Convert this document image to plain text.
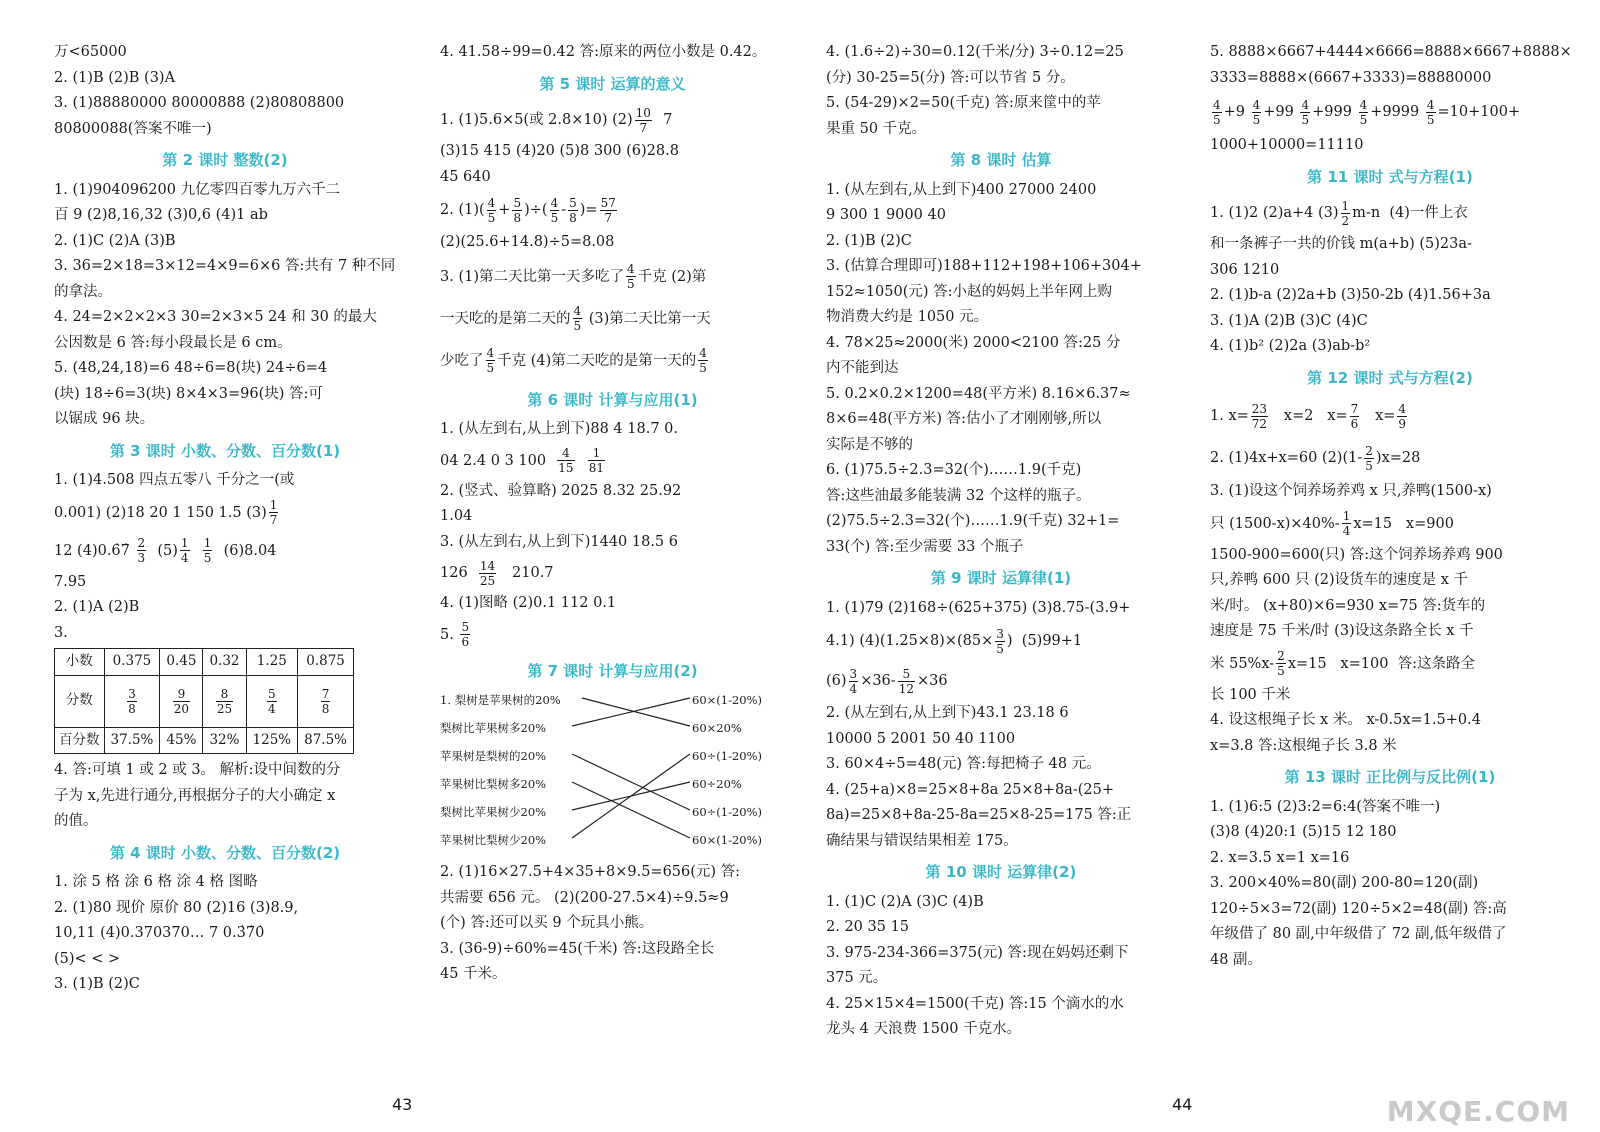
万<65000
2. (1)B (2)B (3)A
3. (1)88880000 80000888 (2)80808800
80800088(答案不唯一)
第 2 课时 整数(2)
1. (1)904096200 九亿零四百零九万六千二
百 9 (2)8,16,32 (3)0,6 (4)1 ab
2. (1)C (2)A (3)B
3. 36=2×18=3×12=4×9=6×6 答:共有 7 种不同
的拿法。
4. 24=2×2×2×3 30=2×3×5 24 和 30 的最大
公因数是 6 答:每小段最长是 6 cm。
5. (48,24,18)=6 48÷6=8(块) 24÷6=4
(块) 18÷6=3(块) 8×4×3=96(块) 答:可
以锯成 96 块。
第 3 课时 小数、分数、百分数(1)
1. (1)4.508 四点五零八 千分之一(或
0.001) (2)18 20 1 150 1.5 $(3) \frac{1}{7}$
12 (4)0.6̇7̇ $\frac{2}{3} (5) \frac{1}{4}$
$\frac{1}{5} (6)8.04$
7.95
2. (1)A (2)B
3.
小数	0.375	0.45	0.32	1.25	0.875
分数	$\frac{3}{8}$	$\frac{9}{20}$	$\frac{8}{25}$	$\frac{5}{4}$	$\frac{7}{8}$

百分数	37.5%	45%	32%	125%	87.5%
4. 答:可填 1 或 2 或 3。 解析:设中间数的分
子为 x,先进行通分,再根据分子的大小确定 x
的值。
第 4 课时 小数、分数、百分数(2)
1. 涂 5 格 涂 6 格 涂 4 格 图略
2. (1)80 现价 原价 80 (2)16 (3)8.9,
10,11 (4)0.370370… 7 0.3̇7̇0̇
(5)< < >
3. (1)B (2)C
43
4. 41.58÷99=0.42 答:原来的两位小数是 0.42。
第 5 课时 运算的意义
1. (1)5.6×5(或 2.8×10) $(2) \frac{10}{7} 7$
(3)15 415 (4)20 (5)8 300 (6)28.8
45 640
2. $(1)( \frac{4}{5} + \frac{5}{8}$ )÷( $\frac{4}{5} - \frac{5}{8}$ )= $\frac{57}{7}$
(2)(25.6+14.8)÷5=8.08
3. (1)第二天比第一天多吃了 $\frac{4}{5}$ 千克 (2)第
一天吃的是第二天的 $\frac{4}{5} (3)$第二天比第一天
少吃了 $\frac{4}{5}$ 千克 (4)第二天吃的是第一天的 $\frac{4}{5}$
第 6 课时 计算与应用(1)
1. (从左到右,从上到下)88 4 18.7 0.
04 2.4 0 3 $100 \frac{4}{15}$
$\frac{1}{81}$
2. (竖式、验算略) 2025 8.32 25.92
1.04
3. (从左到右,从上到下)1440 18.5 6
$126 \frac{14}{25} 210.7$
4. (1)图略 (2)0.1 112 0.1
5. $\frac{5}{6}$
第 7 课时 计算与应用(2)
1. 梨树是苹果树的20%
梨树比苹果树多20%
苹果树是梨树的20%
苹果树比梨树多20%
梨树比苹果树少20%
苹果树比梨树少20%
60×(1-20%)
60×20%
60÷(1-20%)
60÷20%
60÷(1-20%)
60×(1-20%)
2. (1)16×27.5+4×35+8×9.5=656(元) 答:
共需要 656 元。 (2)(200-27.5×4)÷9.5≈9
(个) 答:还可以买 9 个玩具小熊。
3. (36-9)÷60%=45(千米) 答:这段路全长
45 千米。
4. (1.6÷2)÷30=0.12(千米/分) 3÷0.12=25
(分) 30-25=5(分) 答:可以节省 5 分。
5. (54-29)×2=50(千克) 答:原来筐中的苹
果重 50 千克。
第 8 课时 估算
1. (从左到右,从上到下)400 27000 2400
9 300 1 9000 40
2. (1)B (2)C
3. (估算合理即可)188+112+198+106+304+
152≈1050(元) 答:小赵的妈妈上半年网上购
物消费大约是 1050 元。
4. 78×25≈2000(米) 2000<2100 答:25 分
内不能到达
5. 0.2×0.2×1200=48(平方米) 8.16×6.37≈
8×6=48(平方米) 答:估小了才刚刚够,所以
实际是不够的
6. (1)75.5÷2.3=32(个)……1.9(千克)
答:这些油最多能装满 32 个这样的瓶子。
(2)75.5÷2.3=32(个)……1.9(千克) 32+1=
33(个) 答:至少需要 33 个瓶子
第 9 课时 运算律(1)
1. (1)79 (2)168÷(625+375) (3)8.75-(3.9+
4.1) $(4)(1.25\times 8)\times(85\times \frac{3}{5}$ )  (5)99+1
$(6) \frac{3}{4} \times 36- \frac{5}{12} \times 36$
2. (从左到右,从上到下)43.1 23.18 6
10000 5 2001 50 40 1100
3. 60×4÷5=48(元) 答:每把椅子 48 元。
4. (25+a)×8=25×8+8a 25×8+8a-(25+
8a)=25×8+8a-25-8a=25×8-25=175 答:正
确结果与错误结果相差 175。
第 10 课时 运算律(2)
1. (1)C (2)A (3)C (4)B
2. 20 35 15
3. 975-234-366=375(元) 答:现在妈妈还剩下
375 元。
4. 25×15×4=1500(千克) 答:15 个滴水的水
龙头 4 天浪费 1500 千克水。
5. 8888×6667+4444×6666=8888×6667+8888×
3333=8888×(6667+3333)=88880000
$\frac{4}{5} +9 \frac{4}{5} +99 \frac{4}{5} +999 \frac{4}{5} +9999 \frac{4}{5} =10+100+$
1000+10000=11110
第 11 课时 式与方程(1)
1. (1)2 (2)a+4 $(3) \frac{1}{2} m-n$  (4)一件上衣
和一条裤子一共的价钱 m(a+b) (5)23a-
306 1210
2. (1)b-a (2)2a+b (3)50-2b (4)1.56+3a
3. (1)A (2)B (3)C (4)C
4. (1)b² (2)2a (3)ab-b²
第 12 课时 式与方程(2)
1. $x= \frac{23}{72} x=2$   $x= \frac{7}{6} x= \frac{4}{9}$
2. (1)4x+x=60 $(2)(1- \frac{2}{5} )x=28$
3. (1)设这个饲养场养鸡 x 只,养鸭(1500-x)
只 $(1500-x)\times 40\%- \frac{1}{4} x=15$   x=900
1500-900=600(只) 答:这个饲养场养鸡 900
只,养鸭 600 只 (2)设货车的速度是 x 千
米/时。 (x+80)×6=930 x=75 答:货车的
速度是 75 千米/时 (3)设这条路全长 x 千
米 $55\%x- \frac{2}{5} x=15$   x=100  答:这条路全
长 100 千米
4. 设这根绳子长 x 米。 x-0.5x=1.5+0.4
x=3.8 答:这根绳子长 3.8 米
第 13 课时 正比例与反比例(1)
1. (1)6:5 (2)3:2=6:4(答案不唯一)
(3)8 (4)20:1 (5)15 12 180
2. x=3.5 x=1 x=16
3. 200×40%=80(副) 200-80=120(副)
120÷5×3=72(副) 120÷5×2=48(副) 答:高
年级借了 80 副,中年级借了 72 副,低年级借了
48 副。
44	MXQE.COM
